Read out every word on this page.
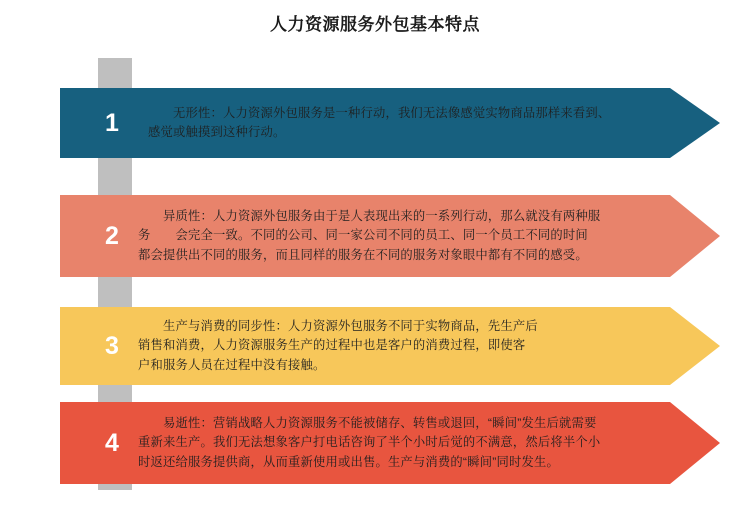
人力资源服务外包基本特点
1	　　无形性：人力资源外包服务是一种行动，我们无法像感觉实物商品那样来看到、
感觉或触摸到这种行动。
2
　　异质性：人力资源外包服务由于是人表现出来的一系列行动，那么就没有两种服
务　　会完全一致。不同的公司、同一家公司不同的员工、同一个员工不同的时间
都会提供出不同的服务，而且同样的服务在不同的服务对象眼中都有不同的感受。
3
　　生产与消费的同步性：人力资源外包服务不同于实物商品，先生产后
销售和消费，人力资源服务生产的过程中也是客户的消费过程，即使客
户和服务人员在过程中没有接触。
4
　　易逝性：营销战略人力资源服务不能被储存、转售或退回，“瞬间”发生后就需要
重新来生产。我们无法想象客户打电话咨询了半个小时后觉的不满意，然后将半个小
时返还给服务提供商，从而重新使用或出售。生产与消费的“瞬间”同时发生。
